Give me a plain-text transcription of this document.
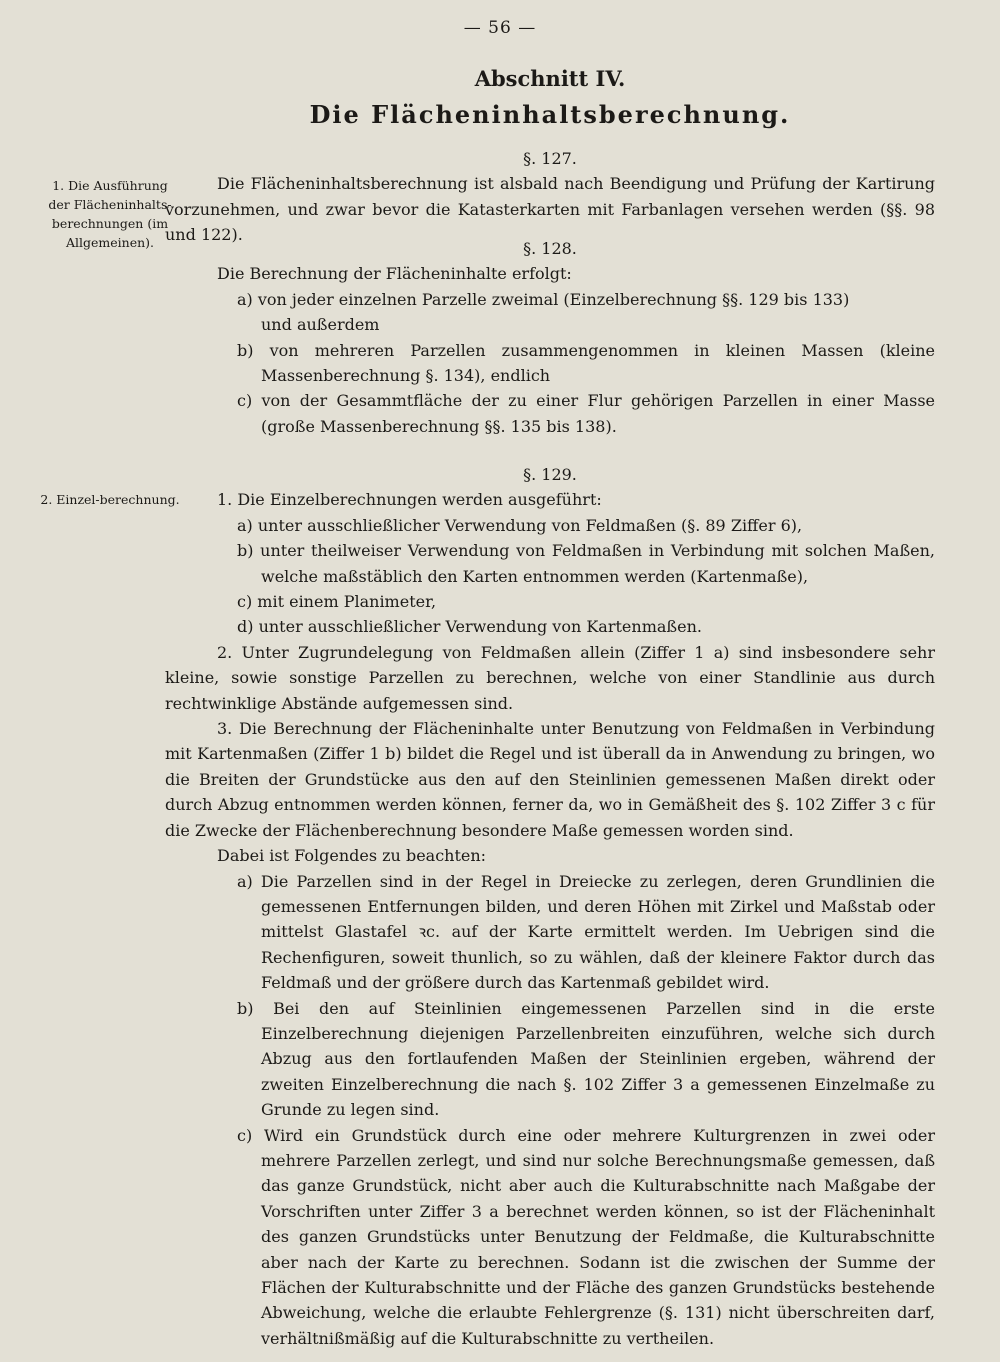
— 56 —
Abschnitt IV.
Die Flächeninhaltsberechnung.
1. Die Ausführung der Flächeninhalts-berechnungen (im Allgemeinen).
2. Einzel-berechnung.
§. 127.
Die Flächeninhaltsberechnung ist alsbald nach Beendigung und Prüfung der Kartirung vorzunehmen, und zwar bevor die Katasterkarten mit Farbanlagen versehen werden (§§. 98 und 122).
§. 128.
Die Berechnung der Flächeninhalte erfolgt:
a) von jeder einzelnen Parzelle zweimal (Einzelberechnung §§. 129 bis 133)
und außerdem
b) von mehreren Parzellen zusammengenommen in kleinen Massen (kleine Massenberechnung §. 134), endlich
c) von der Gesammtfläche der zu einer Flur gehörigen Parzellen in einer Masse (große Massenberechnung §§. 135 bis 138).
§. 129.
1. Die Einzelberechnungen werden ausgeführt:
a) unter ausschließlicher Verwendung von Feldmaßen (§. 89 Ziffer 6),
b) unter theilweiser Verwendung von Feldmaßen in Verbindung mit solchen Maßen, welche maßstäblich den Karten entnommen werden (Kartenmaße),
c) mit einem Planimeter,
d) unter ausschließlicher Verwendung von Kartenmaßen.
2. Unter Zugrundelegung von Feldmaßen allein (Ziffer 1 a) sind insbesondere sehr kleine, sowie sonstige Parzellen zu berechnen, welche von einer Standlinie aus durch rechtwinklige Abstände aufgemessen sind.
3. Die Berechnung der Flächeninhalte unter Benutzung von Feldmaßen in Verbindung mit Kartenmaßen (Ziffer 1 b) bildet die Regel und ist überall da in Anwendung zu bringen, wo die Breiten der Grundstücke aus den auf den Steinlinien gemessenen Maßen direkt oder durch Abzug entnommen werden können, ferner da, wo in Gemäßheit des §. 102 Ziffer 3 c für die Zwecke der Flächenberechnung besondere Maße gemessen worden sind.
Dabei ist Folgendes zu beachten:
a) Die Parzellen sind in der Regel in Dreiecke zu zerlegen, deren Grundlinien die gemessenen Entfernungen bilden, und deren Höhen mit Zirkel und Maßstab oder mittelst Glastafel ꝛc. auf der Karte ermittelt werden. Im Uebrigen sind die Rechenfiguren, soweit thunlich, so zu wählen, daß der kleinere Faktor durch das Feldmaß und der größere durch das Kartenmaß gebildet wird.
b) Bei den auf Steinlinien eingemessenen Parzellen sind in die erste Einzelberechnung diejenigen Parzellenbreiten einzuführen, welche sich durch Abzug aus den fortlaufenden Maßen der Steinlinien ergeben, während der zweiten Einzelberechnung die nach §. 102 Ziffer 3 a gemessenen Einzelmaße zu Grunde zu legen sind.
c) Wird ein Grundstück durch eine oder mehrere Kulturgrenzen in zwei oder mehrere Parzellen zerlegt, und sind nur solche Berechnungsmaße gemessen, daß das ganze Grundstück, nicht aber auch die Kulturabschnitte nach Maßgabe der Vorschriften unter Ziffer 3 a berechnet werden können, so ist der Flächeninhalt des ganzen Grundstücks unter Benutzung der Feldmaße, die Kulturabschnitte aber nach der Karte zu berechnen. Sodann ist die zwischen der Summe der Flächen der Kulturabschnitte und der Fläche des ganzen Grundstücks bestehende Abweichung, welche die erlaubte Fehlergrenze (§. 131) nicht überschreiten darf, verhältnißmäßig auf die Kulturabschnitte zu vertheilen.
